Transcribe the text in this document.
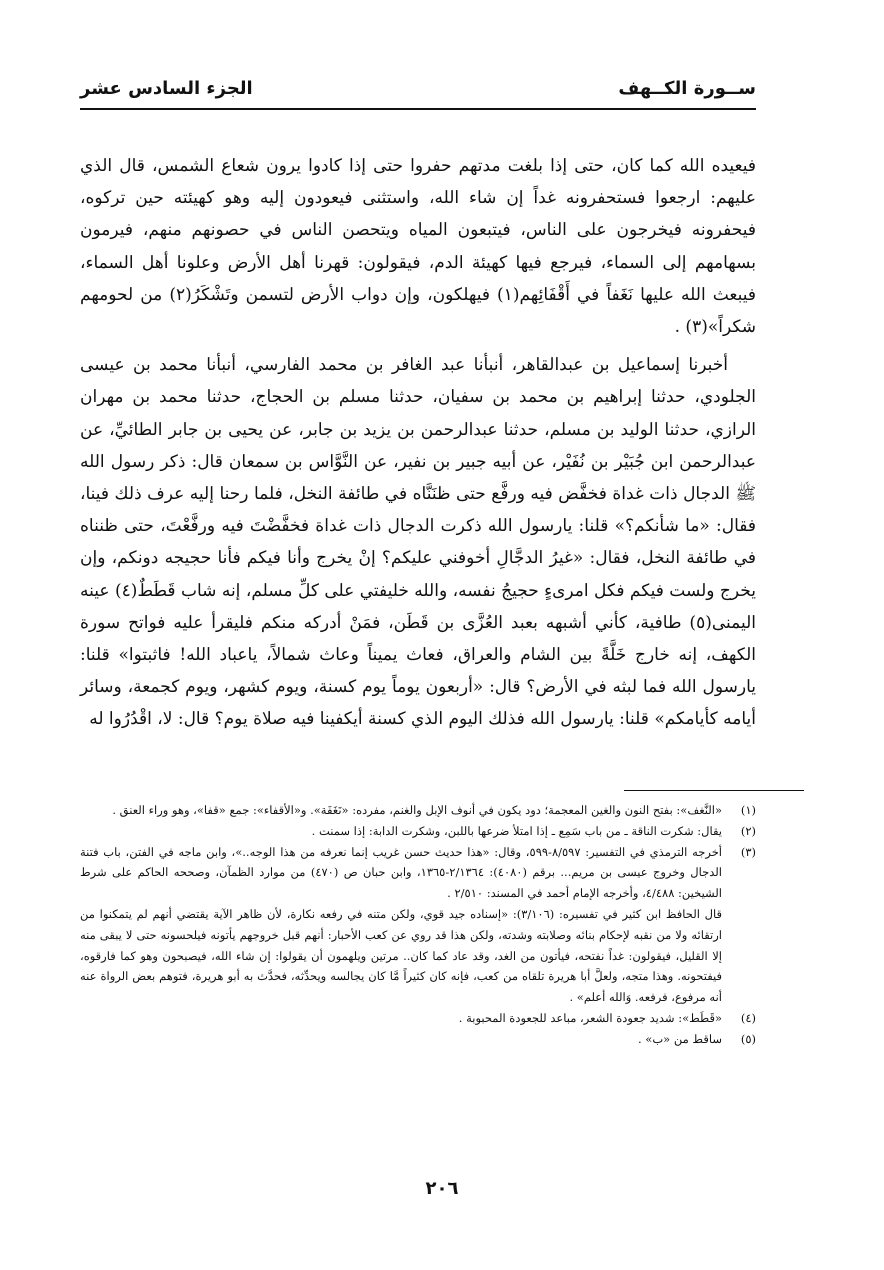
ســورة الكــهف
الجزء السادس عشر

فيعيده الله كما كان، حتى إذا بلغت مدتهم حفروا حتى إذا كادوا يرون شعاع الشمس، قال الذي عليهم: ارجعوا فستحفرونه غداً إن شاء الله، واستثنى فيعودون إليه وهو كهيئته حين تركوه، فيحفرونه فيخرجون على الناس، فيتبعون المياه ويتحصن الناس في حصونهم منهم، فيرمون بسهامهم إلى السماء، فيرجع فيها كهيئة الدم، فيقولون: قهرنا أهل الأرض وعلونا أهل السماء، فيبعث الله عليها نَغَفاً في أَقْفَائِهم(١) فيهلكون، وإن دواب الأرض لتسمن وتَشْكَرُ(٢) من لحومهم شكراً»(٣) .

أخبرنا إسماعيل بن عبدالقاهر، أنبأنا عبد الغافر بن محمد الفارسي، أنبأنا محمد بن عيسى الجلودي، حدثنا إبراهيم بن محمد بن سفيان، حدثنا مسلم بن الحجاج، حدثنا محمد بن مهران الرازي، حدثنا الوليد بن مسلم، حدثنا عبدالرحمن بن يزيد بن جابر، عن يحيى بن جابر الطائيِّ، عن عبدالرحمن ابن جُبَيْر بن نُفَيْر، عن أبيه جبير بن نفير، عن النَّوَّاس بن سمعان قال: ذكر رسول الله ﷺ الدجال ذات غداة فخفَّض فيه ورفَّع حتى ظنَنَّاه في طائفة النخل، فلما رحنا إليه عرف ذلك فينا، فقال: «ما شأنكم؟» قلنا: يارسول الله ذكرت الدجال ذات غداة فخفَّضْتَ فيه ورفَّعْتَ، حتى ظنناه في طائفة النخل، فقال: «غيرُ الدجَّالِ أخوفني عليكم؟ إنْ يخرج وأنا فيكم فأنا حجيجه دونكم، وإن يخرج ولست فيكم فكل امرىءٍ حجيجُ نفسه، والله خليفتي على كلِّ مسلم، إنه شاب قَطَطٌ(٤) عينه اليمنى(٥) طافية، كأني أشبهه بعبد العُزَّى بن قَطَن، فمَنْ أدركه منكم فليقرأ عليه فواتح سورة الكهف، إنه خارج خَلَّةً بين الشام والعراق، فعاث يميناً وعاث شمالاً، ياعباد الله! فاثبتوا» قلنا: يارسول الله فما لبثه في الأرض؟ قال: «أربعون يوماً يوم كسنة، ويوم كشهر، ويوم كجمعة، وسائر أيامه كأيامكم» قلنا: يارسول الله فذلك اليوم الذي كسنة أيكفينا فيه صلاة يوم؟ قال: لا، اقْدُرُوا له

(١)
«النَّغف»: بفتح النون والغين المعجمة؛ دود يكون في أنوف الإبل والغنم، مفرده: «نَغَفَة». و«الأقفاء»: جمع «قفا»، وهو وراء العنق .
(٢)
يقال: شكرت الناقة ـ من باب سَمِع ـ إذا امتلأ ضرعها باللبن، وشكرت الدابة: إذا سمنت .
(٣)
أخرجه الترمذي في التفسير: ٨/٥٩٧-٥٩٩، وقال: «هذا حديث حسن غريب إنما نعرفه من هذا الوجه..»، وابن ماجه في الفتن، باب فتنة الدجال وخروج عيسى بن مريم... برقم (٤٠٨٠): ٢/١٣٦٤-١٣٦٥، وابن حبان ص (٤٧٠) من موارد الظمآن، وصححه الحاكم على شرط الشيخين: ٤/٤٨٨، وأخرجه الإمام أحمد في المسند: ٢/٥١٠ .
قال الحافظ ابن كثير في تفسيره: (٣/١٠٦): «إسناده جيد قوي، ولكن متنه في رفعه نكارة، لأن ظاهر الآية يقتضي أنهم لم يتمكنوا من ارتقائه ولا من نقبه لإحكام بنائه وصلابته وشدته، ولكن هذا قد روي عن كعب الأحبار: أنهم قبل خروجهم يأتونه فيلحسونه حتى لا يبقى منه إلا القليل، فيقولون: غداً نفتحه، فيأتون من الغد، وقد عاد كما كان.. مرتين ويلهمون أن يقولوا: إن شاء الله، فيصبحون وهو كما فارقوه، فيفتحونه. وهذا متجه، ولعلَّ أبا هريرة تلقاه من كعب، فإنه كان كثيراً مَّا كان يجالسه ويحدِّثه، فحدَّث به أبو هريرة، فتوهم بعض الرواة عنه أنه مرفوع، فرفعه. وَالله أعلم» .
(٤)
«قَطَط»: شديد جعودة الشعر، مباعد للجعودة المحبوبة .
(٥)
ساقط من «ب» .
٢٠٦
